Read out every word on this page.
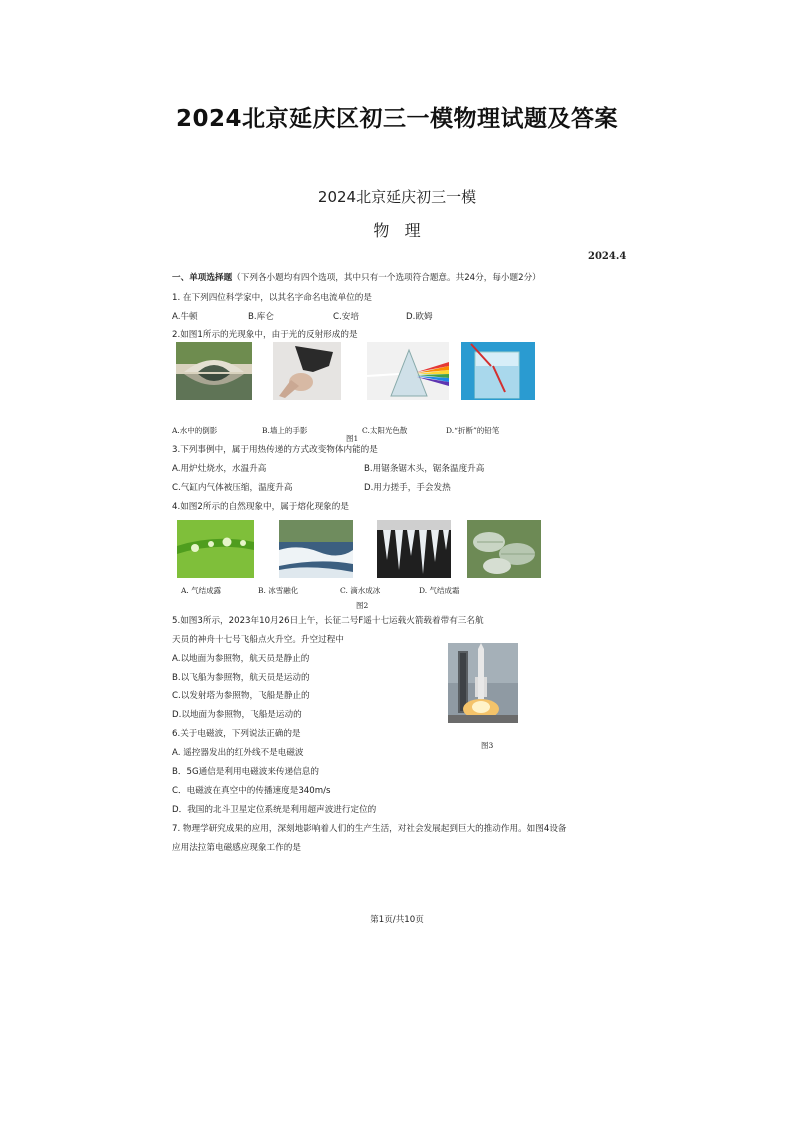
2024北京延庆区初三一模物理试题及答案
2024北京延庆初三一模
物   理
2024.4
一、单项选择题（下列各小题均有四个选项，其中只有一个选项符合题意。共24分，每小题2分）
1. 在下列四位科学家中，以其名字命名电流单位的是
A.牛顿	B.库仑	C.安培	D.欧姆
2.如图1所示的光现象中，由于光的反射形成的是
A.水中的倒影	B.墙上的手影	C.太阳光色散	D.“折断”的铅笔
图1
3.下列事例中，属于用热传递的方式改变物体内能的是
A.用炉灶烧水，水温升高	B.用锯条锯木头，锯条温度升高
C.气缸内气体被压缩，温度升高	D.用力搓手，手会发热
4.如图2所示的自然现象中，属于熔化现象的是
A. 气结成露	B. 冰雪融化	C. 滴水成冰	D. 气结成霜
图2
5.如图3所示，2023年10月26日上午，长征二号F遥十七运载火箭载着带有三名航
天员的神舟十七号飞船点火升空。升空过程中
A.以地面为参照物，航天员是静止的
B.以飞船为参照物，航天员是运动的
C.以发射塔为参照物，飞船是静止的
D.以地面为参照物，飞船是运动的
图3
6.关于电磁波，下列说法正确的是
A. 遥控器发出的红外线不是电磁波
B．5G通信是利用电磁波来传递信息的
C．电磁波在真空中的传播速度是340m/s
D．我国的北斗卫星定位系统是利用超声波进行定位的
7. 物理学研究成果的应用，深刻地影响着人们的生产生活，对社会发展起到巨大的推动作用。如图4设备
应用法拉第电磁感应现象工作的是
第1页/共10页
